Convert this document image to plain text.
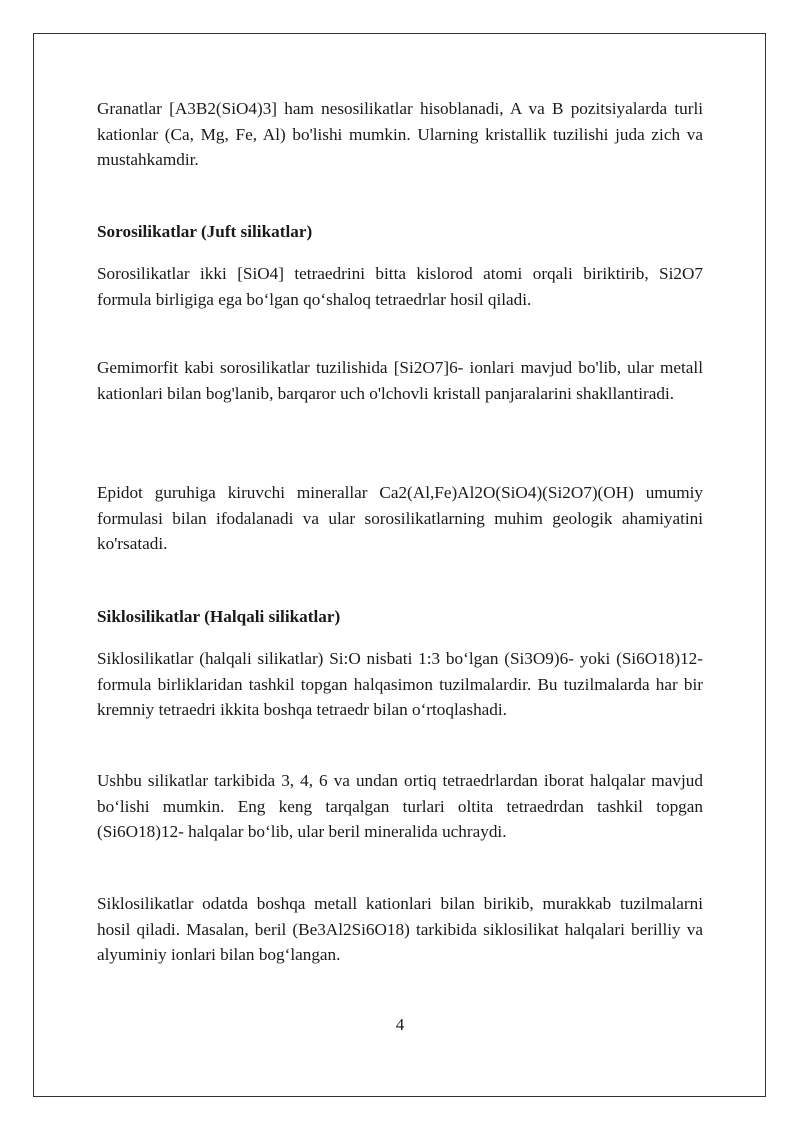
Granatlar [A3B2(SiO4)3] ham nesosilikatlar hisoblanadi, A va B pozitsiyalarda turli kationlar (Ca, Mg, Fe, Al) bo'lishi mumkin. Ularning kristallik tuzilishi juda zich va mustahkamdir.

Sorosilikatlar (Juft silikatlar)

Sorosilikatlar ikki [SiO4] tetraedrini bitta kislorod atomi orqali biriktirib, Si2O7 formula birligiga ega bo‘lgan qo‘shaloq tetraedrlar hosil qiladi.

Gemimorfit kabi sorosilikatlar tuzilishida [Si2O7]6- ionlari mavjud bo'lib, ular metall kationlari bilan bog'lanib, barqaror uch o'lchovli kristall panjaralarini shakllantiradi.

Epidot guruhiga kiruvchi minerallar Ca2(Al,Fe)Al2O(SiO4)(Si2O7)(OH) umumiy formulasi bilan ifodalanadi va ular sorosilikatlarning muhim geologik ahamiyatini ko'rsatadi.

Siklosilikatlar (Halqali silikatlar)

Siklosilikatlar (halqali silikatlar) Si:O nisbati 1:3 bo‘lgan (Si3O9)6- yoki (Si6O18)12- formula birliklaridan tashkil topgan halqasimon tuzilmalardir. Bu tuzilmalarda har bir kremniy tetraedri ikkita boshqa tetraedr bilan o‘rtoqlashadi.

Ushbu silikatlar tarkibida 3, 4, 6 va undan ortiq tetraedrlardan iborat halqalar mavjud bo‘lishi mumkin. Eng keng tarqalgan turlari oltita tetraedrdan tashkil topgan (Si6O18)12- halqalar bo‘lib, ular beril mineralida uchraydi.

Siklosilikatlar odatda boshqa metall kationlari bilan birikib, murakkab tuzilmalarni hosil qiladi. Masalan, beril (Be3Al2Si6O18) tarkibida siklosilikat halqalari berilliy va alyuminiy ionlari bilan bog‘langan.

4
